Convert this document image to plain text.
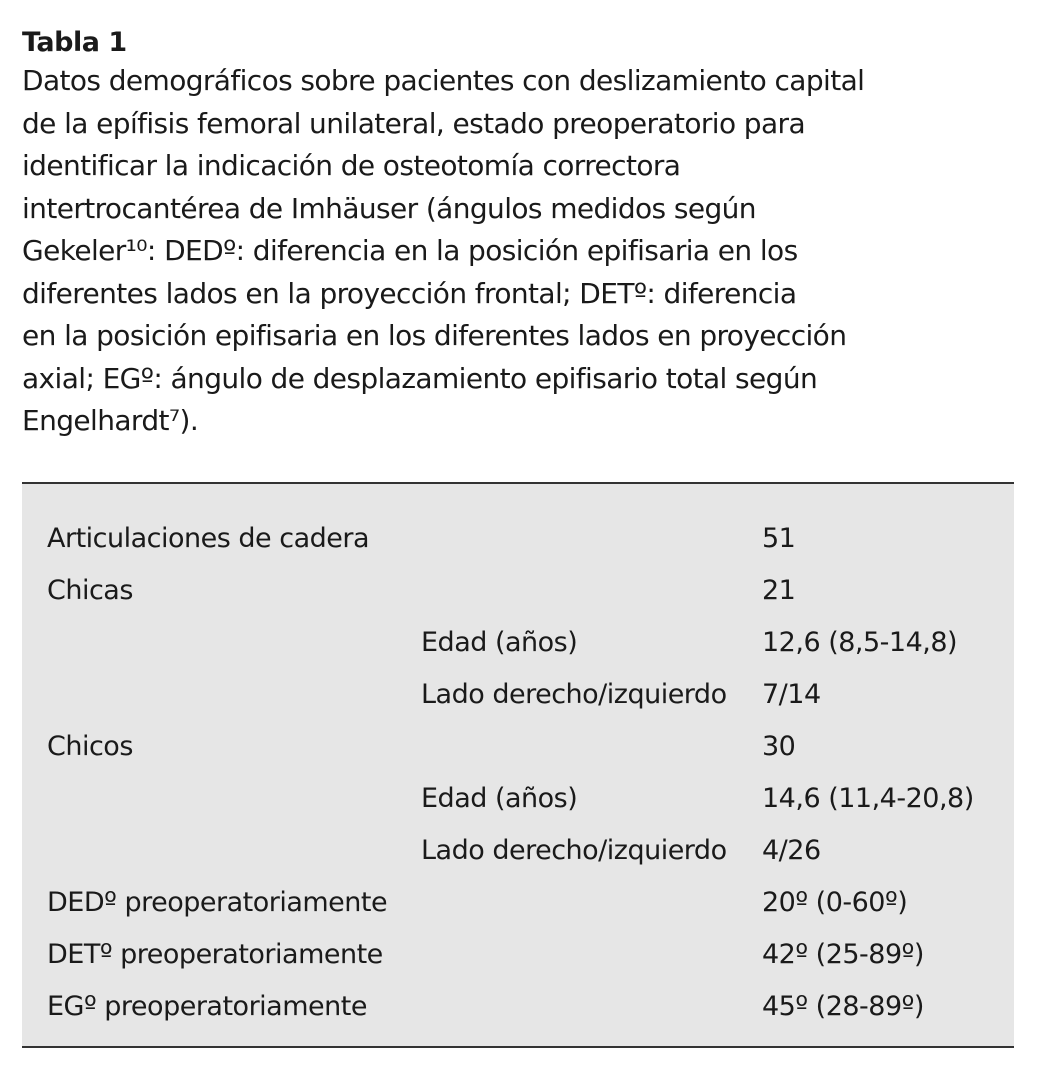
Tabla 1

Datos demográficos sobre pacientes con deslizamiento capital
de la epífisis femoral unilateral, estado preoperatorio para
identificar la indicación de osteotomía correctora
intertrocantérea de Imhäuser (ángulos medidos según
Gekeler¹⁰: DEDº: diferencia en la posición epifisaria en los
diferentes lados en la proyección frontal; DETº: diferencia
en la posición epifisaria en los diferentes lados en proyección
axial; EGº: ángulo de desplazamiento epifisario total según
Engelhardt⁷).

Articulaciones de cadera	51
Chicas	21
Edad (años)	12,6 (8,5-14,8)
Lado derecho/izquierdo 7/14
Chicos	30
Edad (años)	14,6 (11,4-20,8)
Lado derecho/izquierdo 4/26
DEDº preoperatoriamente	20º (0-60º)
DETº preoperatoriamente	42º (25-89º)
EGº preoperatoriamente	45º (28-89º)
